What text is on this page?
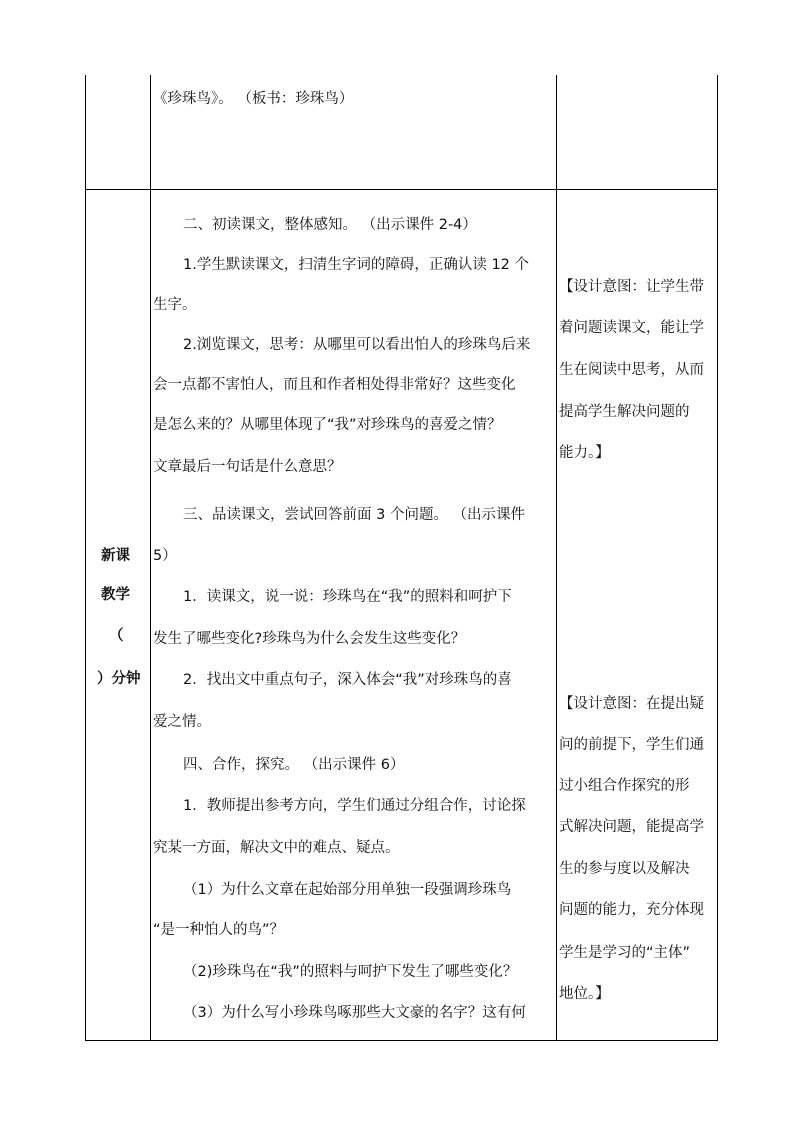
《珍珠鸟》。 （板书：珍珠鸟）
新课
教学
（
）分钟
二、初读课文，整体感知。 （出示课件 2-4）
1.学生默读课文，扫清生字词的障碍，正确认读 12 个
生字。
2.浏览课文，思考：从哪里可以看出怕人的珍珠鸟后来
会一点都不害怕人，而且和作者相处得非常好？这些变化
是怎么来的？从哪里体现了“我”对珍珠鸟的喜爱之情？
文章最后一句话是什么意思？
三、品读课文，尝试回答前面 3 个问题。 （出示课件
5）
1．读课文，说一说：珍珠鸟在“我”的照料和呵护下
发生了哪些变化?珍珠鸟为什么会发生这些变化？
2．找出文中重点句子，深入体会“我”对珍珠鸟的喜
爱之情。
四、合作，探究。 （出示课件 6）
1．教师提出参考方向，学生们通过分组合作，讨论探
究某一方面，解决文中的难点、疑点。
（1）为什么文章在起始部分用单独一段强调珍珠鸟
“是一种怕人的鸟”？
（2)珍珠鸟在“我”的照料与呵护下发生了哪些变化？
（3）为什么写小珍珠鸟啄那些大文豪的名字？这有何
【设计意图：让学生带
着问题读课文，能让学
生在阅读中思考，从而
提高学生解决问题的
能力。】
【设计意图：在提出疑
问的前提下，学生们通
过小组合作探究的形
式解决问题，能提高学
生的参与度以及解决
问题的能力，充分体现
学生是学习的“主体”
地位。】
